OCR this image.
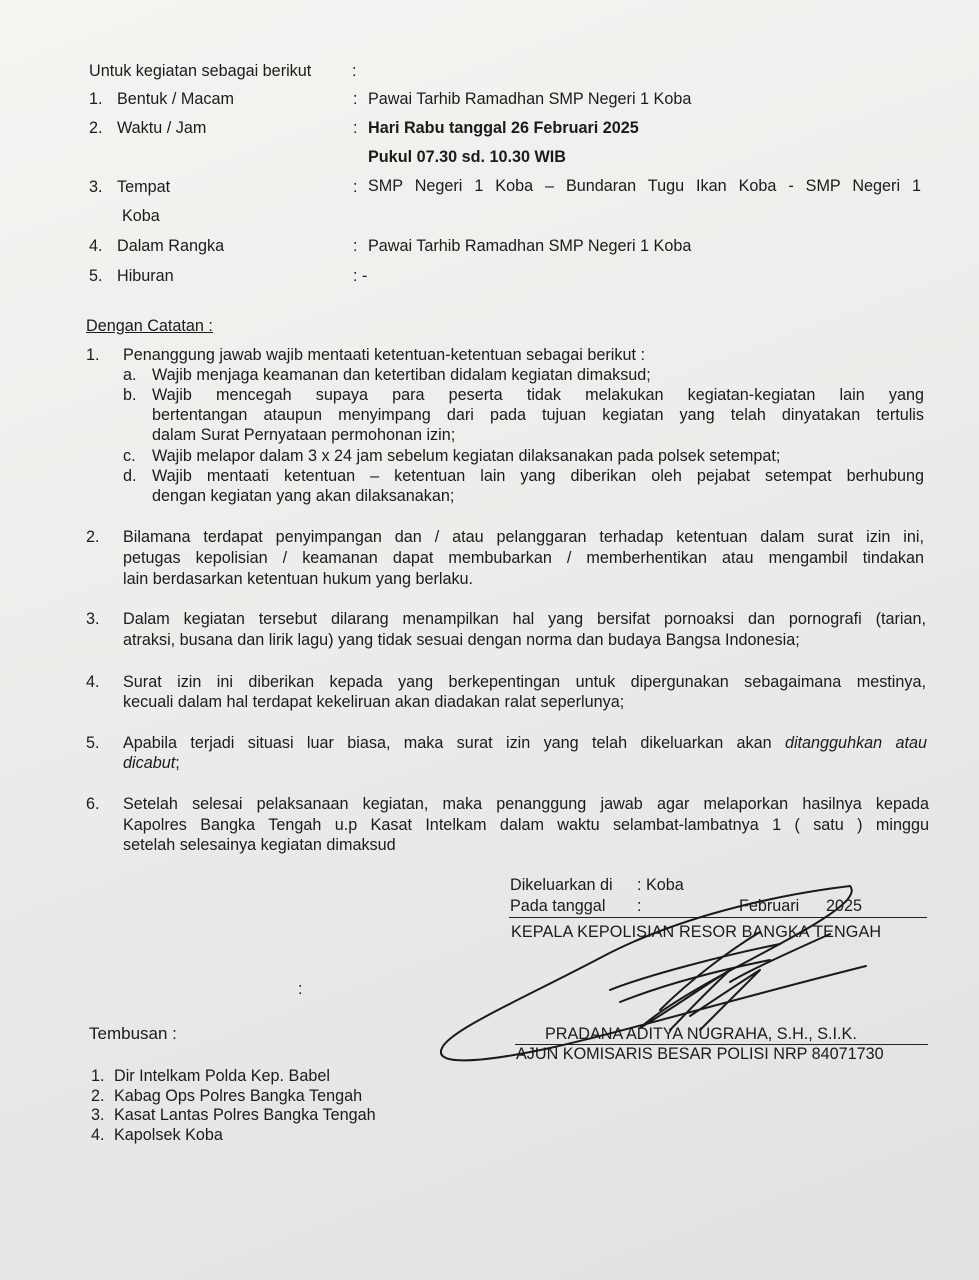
Untuk kegiatan sebagai berikut	:
1. Bentuk / Macam	: Pawai Tarhib Ramadhan SMP Negeri 1 Koba
2. Waktu / Jam	: Hari Rabu tanggal 26 Februari 2025
Pukul 07.30 sd. 10.30 WIB
3. Tempat	: SMP Negeri 1 Koba – Bundaran Tugu Ikan Koba - SMP Negeri 1
Koba
4. Dalam Rangka	: Pawai Tarhib Ramadhan SMP Negeri 1 Koba
5. Hiburan	: -
Dengan Catatan :
1. Penanggung jawab wajib mentaati ketentuan-ketentuan sebagai berikut :
a. Wajib menjaga keamanan dan ketertiban didalam kegiatan dimaksud;
b. Wajib mencegah supaya para peserta tidak melakukan kegiatan-kegiatan lain yang
bertentangan ataupun menyimpang dari pada tujuan kegiatan yang telah dinyatakan tertulis
dalam Surat Pernyataan permohonan izin;
c. Wajib melapor dalam 3 x 24 jam sebelum kegiatan dilaksanakan pada polsek setempat;
d. Wajib mentaati ketentuan – ketentuan lain yang diberikan oleh pejabat setempat berhubung
dengan kegiatan yang akan dilaksanakan;
2. Bilamana terdapat penyimpangan dan / atau pelanggaran terhadap ketentuan dalam surat izin ini,
petugas kepolisian / keamanan dapat membubarkan / memberhentikan atau mengambil tindakan
lain berdasarkan ketentuan hukum yang berlaku.
3. Dalam kegiatan tersebut dilarang menampilkan hal yang bersifat pornoaksi dan pornografi (tarian,
atraksi, busana dan lirik lagu) yang tidak sesuai dengan norma dan budaya Bangsa Indonesia;
4. Surat izin ini diberikan kepada yang berkepentingan untuk dipergunakan sebagaimana mestinya,
kecuali dalam hal terdapat kekeliruan akan diadakan ralat seperlunya;
5. Apabila terjadi situasi luar biasa, maka surat izin yang telah dikeluarkan akan ditangguhkan atau
dicabut;
6. Setelah selesai pelaksanaan kegiatan, maka penanggung jawab agar melaporkan hasilnya kepada
Kapolres Bangka Tengah u.p Kasat Intelkam dalam waktu selambat-lambatnya 1 ( satu ) minggu
setelah selesainya kegiatan dimaksud
Dikeluarkan di : Koba
Pada tanggal :	Februari 2025
KEPALA KEPOLISIAN RESOR BANGKA TENGAH
:
PRADANA ADITYA NUGRAHA, S.H., S.I.K.
AJUN KOMISARIS BESAR POLISI NRP 84071730
Tembusan :
1. Dir Intelkam Polda Kep. Babel
2. Kabag Ops Polres Bangka Tengah
3. Kasat Lantas Polres Bangka Tengah
4. Kapolsek Koba
